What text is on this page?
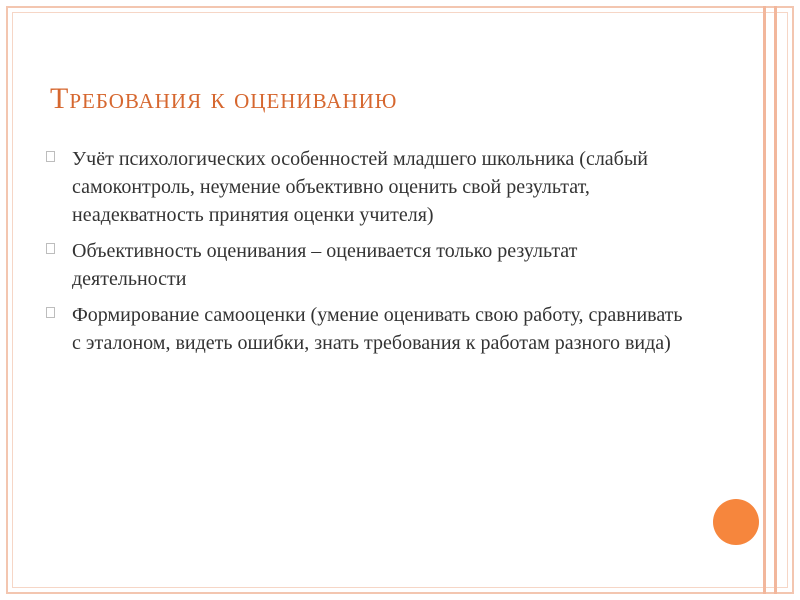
Требования к оцениванию
Учёт психологических особенностей младшего школьника (слабый самоконтроль, неумение объективно оценить свой результат, неадекватность принятия оценки учителя)
Объективность оценивания – оценивается только результат деятельности
Формирование самооценки (умение оценивать свою работу, сравнивать с эталоном, видеть ошибки, знать требования к работам разного вида)
